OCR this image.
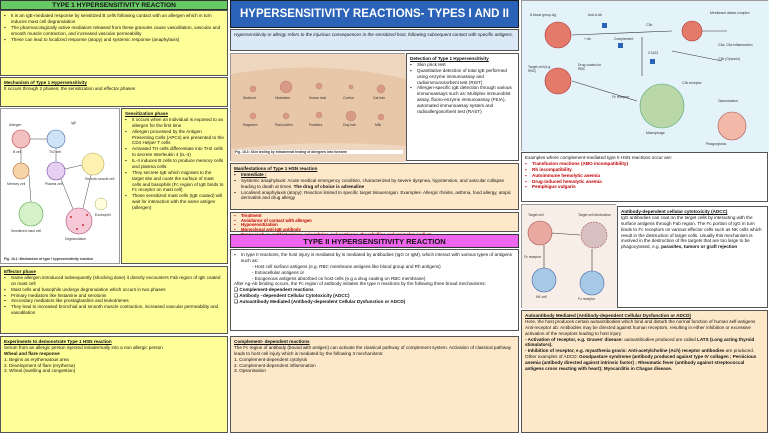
TYPE 1 HYPERSENSITIVITY REACTION
▪ It is an IgE-mediated response by sensitized B cells following contact with an allergen which in turn induces mast cell degranulation
▪ The pharmacologically active mediators released from these granules cause vasodilation, vascular and smooth muscle contraction, and increased vascular permeability
▪ These can lead to localized response (atopy) and systemic response (anaphylaxis)
Mechanism of Type 1 Hypersensitivity
It occurs through 2 phases; the sensitization and effector phases
Allergen	IgE
B cell	Th2 cell
Plasma cell
Memory cell
Smooth muscle cell
Sensitized mast cell
Degranulation
Eosinophil
Fig. 16.1: Mechanism of type I hypersensitivity reaction
Sensitization phase
▪ It occurs when an individual is exposed to an allergen for the first time
▪ Allergen processed by the Antigen Presenting Cells (APCs) are presented to the CD4 Helper T cells
▪ Activated TH cells differentiate into TH2 cells to secrete Interleukin 4 (IL-4)
▪ IL-4 induces B cells to produce memory cells and plasma cells.
▪ They secrete IgE which migrates to the target site and coats the surface of mast cells and basophils (Fc region of IgE binds to Fc receptor on mast cell)
▪ These sensitized mast cells (IgE coated) will wait for interaction with the same antigen (allergen)
Effector phase
▪ Same allergen introduced subsequently (shocking dose) it directly encounters Fab region of IgE coated on mast cell
▪ Mast cells and basophils undergo degranulation which occurs in two phases
▪ Primary mediators like histamine and serotonin
▪ Secondary mediators like prostaglandins and leukotrienes
▪ They lead to increased bronchial and smooth muscle contraction, increased vascular permeability and vasodilation
Experiments to demonstrate Type 1 HSN reaction
Serum from an allergic person injected intradermally into a non allergic person
Wheal and flare response
1. Begins as erythematous area
2. Development of flare (erythema)
3. Wheal (swelling and congestion)
HYPERSENSITIVITY REACTIONS- TYPES I AND II
Hypersensitivity or allergy refers to the injurious consequences in the sensitized host, following subsequent contact with specific antigens.
Seafood	Histamine	House dust	Control	Cat hair
Ragweed	Plant pollen	Feathers	Dog hair	Milk
Fig. 16.3: Skin testing by intradermal testing of allergens into forearm
Detection of Type 1 Hypersensitivity
▪ Skin prick test
▪ Quantitative detection of total IgE performed using enzyme immunoassay and radioimmunosorbent test (RIST)
▪ Allergen-specific IgE detection through various immunoassays such as: Multiplex immunoblot assay, fluoro-enzyme immunoassay (FEIA), automated immunoassay system and radioallergosorbent test (RAST)
Manifestations of Type 1 HSN reaction
▪ Immediate :
▪ Systemic anaphylaxis: Acute medical emergency condition, characterized by severe dyspnea, hypotension, and vascular collapse leading to death at times. The drug of choice is adrenaline
▪ Localised anaphylaxis (atopy): Reaction limited to specific target tissue/organ. Examples- Allergic rhinitis, asthma, food allergy, atopic dermatitis and drug allergy
▪ Treatment
▪ Avoidance of contact with allergen
▪ Hyposensitization
▪ Monoclonal anti-IgE antibody
▪
TYPE II HYPERSENSITIVITY REACTION
▪ In type II reactions, the host injury is mediated by is mediated by antibodies (IgG or IgM), which interact with various types of antigens such as:
- Host cell surface antigens (e.g. RBC membrane antigens like blood group and Rh antigens)
- Extracellular antigens or
- Exogenous antigens absorbed on host cells (e.g a drug coating on RBC membrane)
After Ag-Ab binding occurs, the Fc region of antibody initiates the type II reactions by the following three broad mechanisms:
❏ Complement-dependent reactions
❏ Antibody –dependent Cellular Cytotoxicity (ADCC)
❏ Autoantibody Mediated (Antibody-dependent Cellular Dysfunction or ADCD)
Complement- dependent reactions
The Fc region of antibody (bound with antigen) can activate the classical pathway of complement system. Activation of classical pathway leads to host cell injury which is mediated by the following 3 mechanisms:
1. Complement-dependent cytolysis
2. Complement-dependent inflammation
3. Opsonisation
A blood group-Ag	Anti-A Ab
+ Ab	Complement
C3b
C1423
Membrane attack complex
C3a, C5a inflammation
C3b (Opsonin)
Target cell (e.g. RBC)
Drug coated on RBC
Fc receptor
C3b receptor
Macrophage
Opsonization
Phagocytosis
Examples where complement-mediated type II HSN reactions occur are:
▪ Transfusion reactions (ABO incompatibility)
▪ Rh incompatibility
▪ Autoimmune hemolytic anemia
▪ Drug-induced hemolytic anemia
▪ Pemphigus vulgaris
Target cell	Target cell destruction
Fc receptor
NK cell	Fc receptor
Antibody-dependent cellular cytotoxicity (ADCC)
IgG antibodies can coat on the target cells by interacting with the surface antigens through Fab region. The Fc portion of IgG in turn binds to Fc receptors on various effector cells such as NK cells which result in the destruction of target cells. Usually this mechanism is involved in the destruction of the targets that are too large to be phagocytosed, e.g. parasites, tumors or graft rejection
Autoantibody Mediated (Antibody-dependent Cellular Dysfunction or ADCD)
Here, the host produces certain autoantibodies which bind and disturb the normal function of human self-antigens
Anti-receptor ab: Antibodies may be directed against human receptors, resulting in either inhibition or excessive activation of the receptors leading to host injury
- Activation of receptor, e.g. Graves' disease: autoantibodies produced are called LATS (Long acting thyroid stimulators).
- Inhibition of receptor, e.g. myasthenia gravis: Anti-acetylcholine (Ach) receptor antibodies are produced.
Other examples of ADCD: Goodpasture syndrome (antibody produced against type IV collagen ; Pernicious anemia (antibody directed against intrinsic factor) ; Rheumatic fever (antibody against streptococcal antigens cross reacting with heart); Myocarditis in Chagas disease.
